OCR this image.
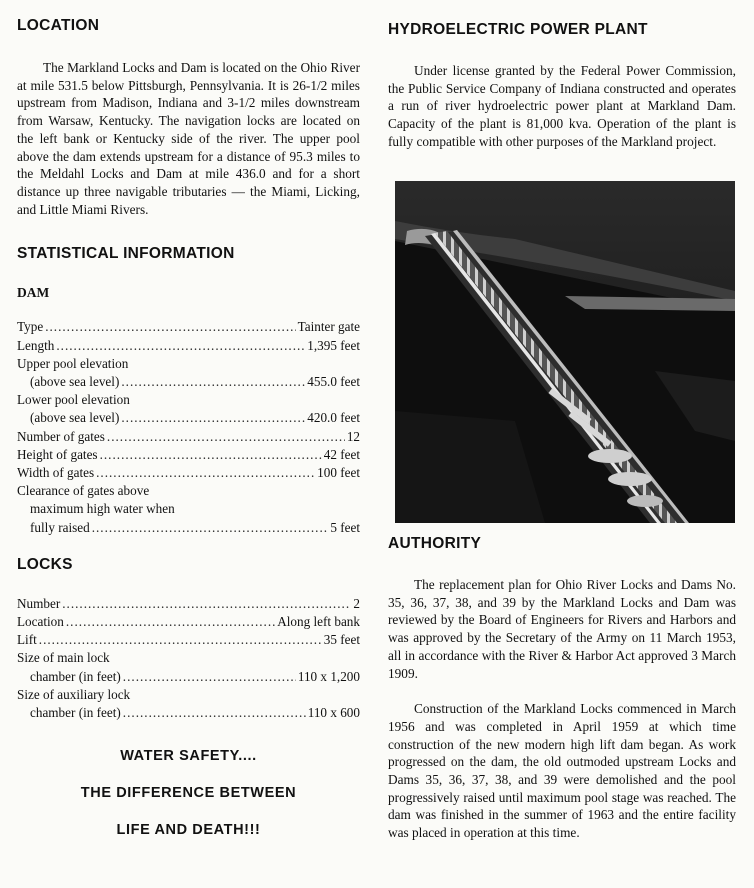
LOCATION

The Markland Locks and Dam is located on the Ohio River at mile 531.5 below Pittsburgh, Pennsylvania. It is 26-1/2 miles upstream from Madison, Indiana and 3-1/2 miles downstream from Warsaw, Kentucky. The navigation locks are located on the left bank or Kentucky side of the river. The upper pool above the dam extends upstream for a distance of 95.3 miles to the Meldahl Locks and Dam at mile 436.0 and for a short distance up three navigable tributaries — the Miami, Licking, and Little Miami Rivers.

STATISTICAL INFORMATION
DAM
Type .....	Tainter gate
Length .....	1,395 feet
Upper pool elevation
(above sea level) .....	455.0 feet
Lower pool elevation
(above sea level) .....	420.0 feet
Number of gates .....	12
Height of gates .....	42 feet
Width of gates .....	100 feet
Clearance of gates above
maximum high water when
fully raised .....	5 feet
LOCKS
Number .....	2
Location .....	Along left bank
Lift .....	35 feet
Size of main lock
chamber (in feet) .....	110 x 1,200
Size of auxiliary lock
chamber (in feet) .....	110 x 600

WATER SAFETY....

THE DIFFERENCE BETWEEN

LIFE AND DEATH!!!

HYDROELECTRIC POWER PLANT

Under license granted by the Federal Power Commission, the Public Service Company of Indiana constructed and operates a run of river hydroelectric power plant at Markland Dam. Capacity of the plant is 81,000 kva. Operation of the plant is fully compatible with other purposes of the Markland project.

AUTHORITY

The replacement plan for Ohio River Locks and Dams No. 35, 36, 37, 38, and 39 by the Markland Locks and Dam was reviewed by the Board of Engineers for Rivers and Harbors and was approved by the Secretary of the Army on 11 March 1953, all in accordance with the River & Harbor Act approved 3 March 1909.

Construction of the Markland Locks commenced in March 1956 and was completed in April 1959 at which time construction of the new modern high lift dam began. As work progressed on the dam, the old outmoded upstream Locks and Dams 35, 36, 37, 38, and 39 were demolished and the pool progressively raised until maximum pool stage was reached. The dam was finished in the summer of 1963 and the entire facility was placed in operation at this time.
